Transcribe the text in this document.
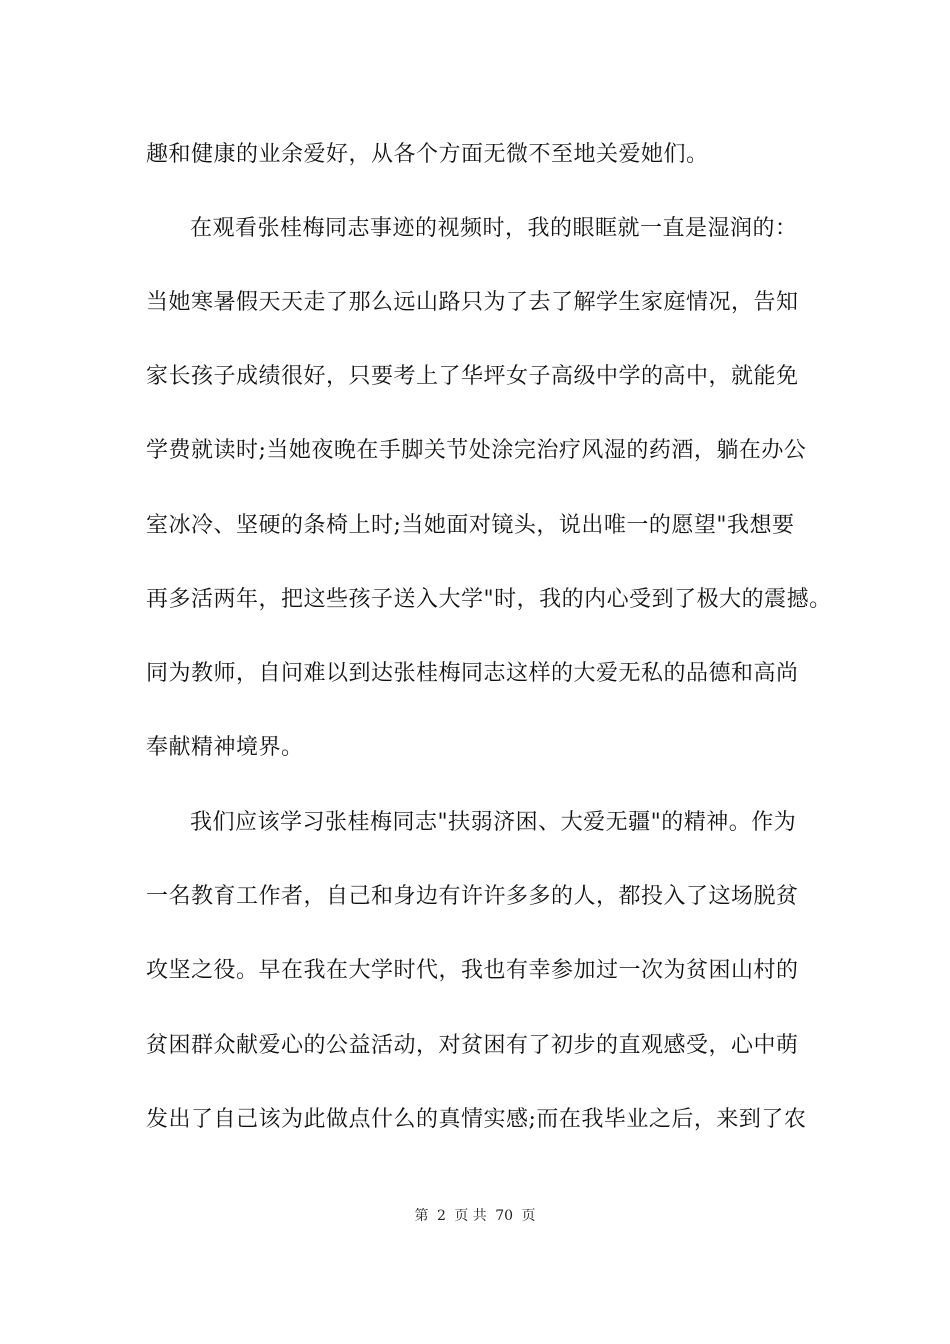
趣和健康的业余爱好，从各个方面无微不至地关爱她们。
在观看张桂梅同志事迹的视频时，我的眼眶就一直是湿润的：
当她寒暑假天天走了那么远山路只为了去了解学生家庭情况，告知
家长孩子成绩很好，只要考上了华坪女子高级中学的高中，就能免
学费就读时;当她夜晚在手脚关节处涂完治疗风湿的药酒，躺在办公
室冰冷、坚硬的条椅上时;当她面对镜头，说出唯一的愿望"我想要
再多活两年，把这些孩子送入大学"时，我的内心受到了极大的震撼。
同为教师，自问难以到达张桂梅同志这样的大爱无私的品德和高尚
奉献精神境界。
我们应该学习张桂梅同志"扶弱济困、大爱无疆"的精神。作为
一名教育工作者，自己和身边有许许多多的人，都投入了这场脱贫
攻坚之役。早在我在大学时代，我也有幸参加过一次为贫困山村的
贫困群众献爱心的公益活动，对贫困有了初步的直观感受，心中萌
发出了自己该为此做点什么的真情实感;而在我毕业之后，来到了农
第 2 页 共 70 页
